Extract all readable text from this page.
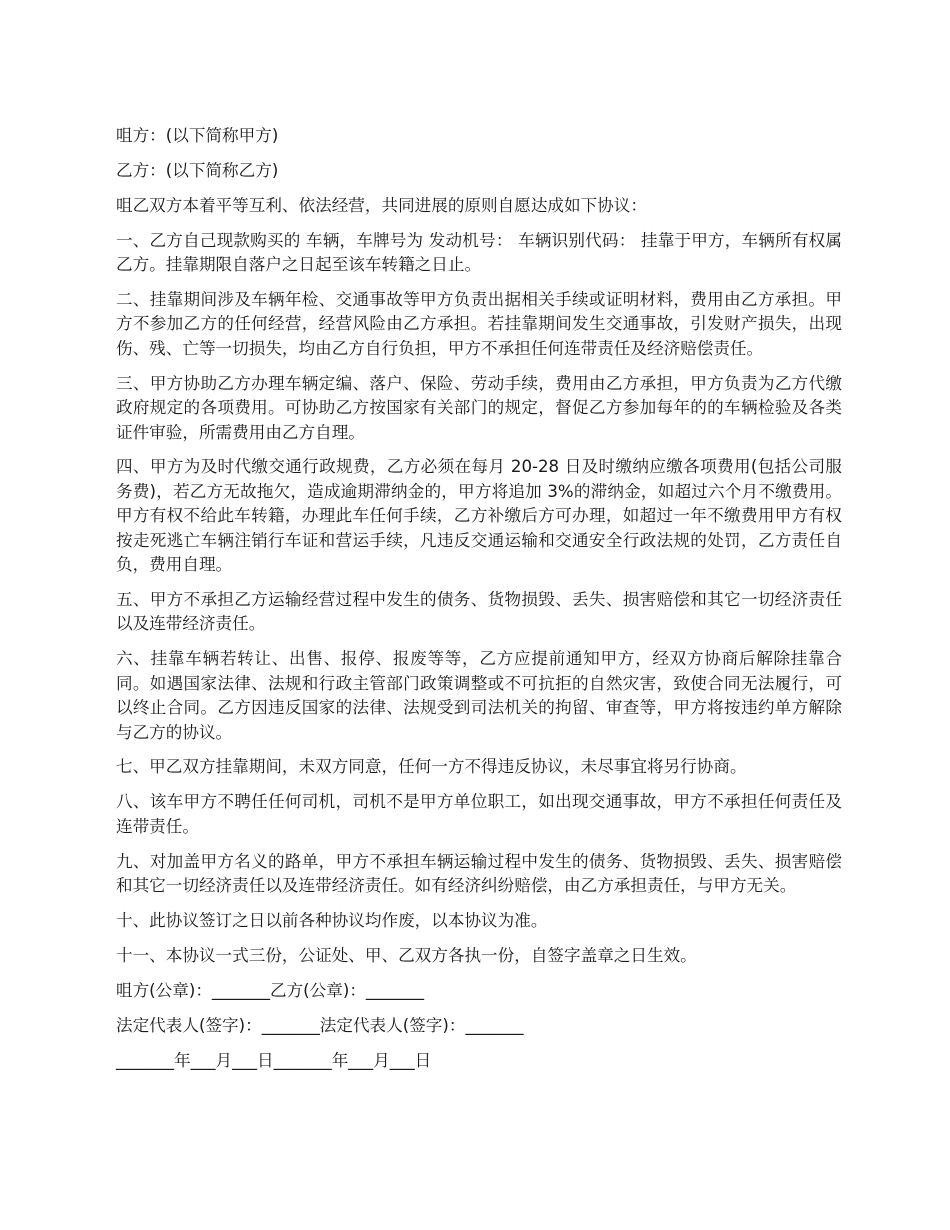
咀方：(以下简称甲方)

乙方：(以下简称乙方)

咀乙双方本着平等互利、依法经营，共同进展的原则自愿达成如下协议：

一、乙方自己现款购买的 车辆，车牌号为 发动机号： 车辆识别代码： 挂靠于甲方，车辆所有权属乙方。挂靠期限自落户之日起至该车转籍之日止。

二、挂靠期间涉及车辆年检、交通事故等甲方负责出据相关手续或证明材料，费用由乙方承担。甲方不参加乙方的任何经营，经营风险由乙方承担。若挂靠期间发生交通事故，引发财产损失，出现伤、残、亡等一切损失，均由乙方自行负担，甲方不承担任何连带责任及经济赔偿责任。

三、甲方协助乙方办理车辆定编、落户、保险、劳动手续，费用由乙方承担，甲方负责为乙方代缴政府规定的各项费用。可协助乙方按国家有关部门的规定，督促乙方参加每年的的车辆检验及各类证件审验，所需费用由乙方自理。

四、甲方为及时代缴交通行政规费，乙方必须在每月 20-28 日及时缴纳应缴各项费用(包括公司服务费)，若乙方无故拖欠，造成逾期滞纳金的，甲方将追加 3%的滞纳金，如超过六个月不缴费用。甲方有权不给此车转籍，办理此车任何手续，乙方补缴后方可办理，如超过一年不缴费用甲方有权按走死逃亡车辆注销行车证和营运手续，凡违反交通运输和交通安全行政法规的处罚，乙方责任自负，费用自理。

五、甲方不承担乙方运输经营过程中发生的债务、货物损毁、丢失、损害赔偿和其它一切经济责任以及连带经济责任。

六、挂靠车辆若转让、出售、报停、报废等等，乙方应提前通知甲方，经双方协商后解除挂靠合同。如遇国家法律、法规和行政主管部门政策调整或不可抗拒的自然灾害，致使合同无法履行，可以终止合同。乙方因违反国家的法律、法规受到司法机关的拘留、审查等，甲方将按违约单方解除与乙方的协议。

七、甲乙双方挂靠期间，未双方同意，任何一方不得违反协议，未尽事宜将另行协商。

八、该车甲方不聘任任何司机，司机不是甲方单位职工，如出现交通事故，甲方不承担任何责任及连带责任。

九、对加盖甲方名义的路单，甲方不承担车辆运输过程中发生的债务、货物损毁、丢失、损害赔偿和其它一切经济责任以及连带经济责任。如有经济纠纷赔偿，由乙方承担责任，与甲方无关。

十、此协议签订之日以前各种协议均作废，以本协议为准。

十一、本协议一式三份，公证处、甲、乙双方各执一份，自签字盖章之日生效。

咀方(公章)：_______乙方(公章)：_______

法定代表人(签字)：_______法定代表人(签字)：_______

_______年___月___日_______年___月___日
